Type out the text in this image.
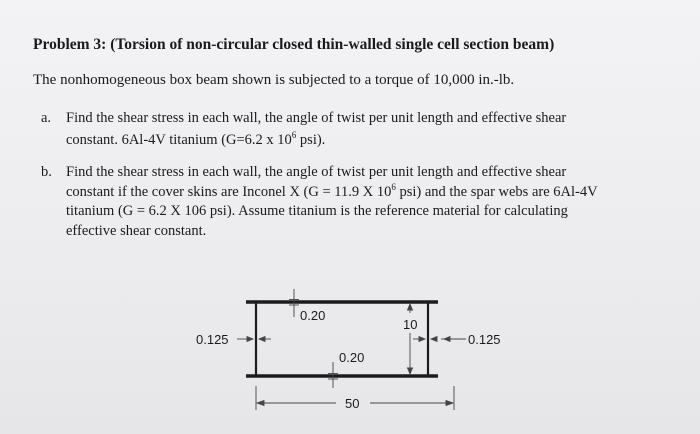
Problem 3: (Torsion of non-circular closed thin-walled single cell section beam)
The nonhomogeneous box beam shown is subjected to a torque of 10,000 in.-lb.
a. Find the shear stress in each wall, the angle of twist per unit length and effective shear
constant. 6Al-4V titanium (G=6.2 x $10^6$ psi).
b. Find the shear stress in each wall, the angle of twist per unit length and effective shear
constant if the cover skins are Inconel X (G = 11.9 X $10^6$ psi) and the spar webs are 6Al-4V
titanium (G = 6.2 X 106 psi). Assume titanium is the reference material for calculating
effective shear constant.
0.20
0.20
0.125	0.125
10
50
